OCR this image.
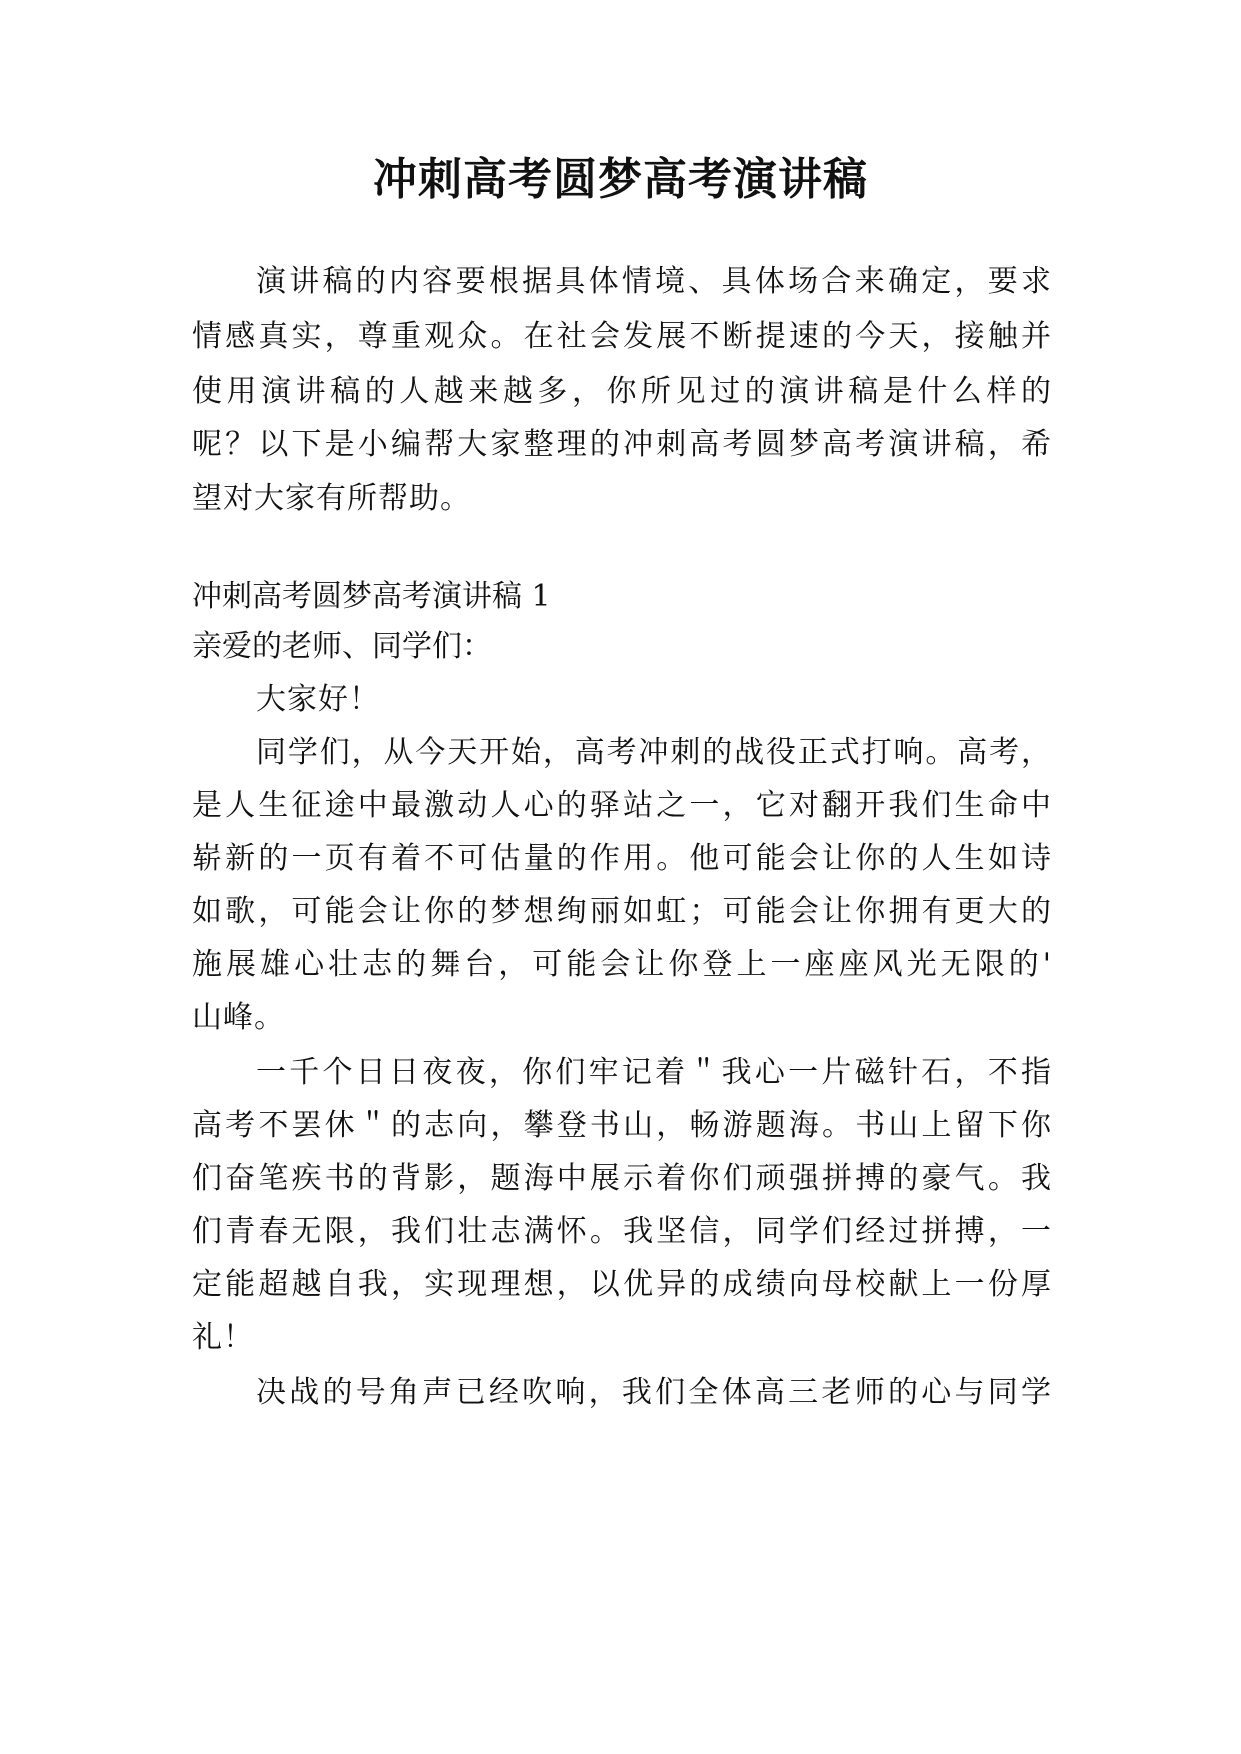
冲刺高考圆梦高考演讲稿
演讲稿的内容要根据具体情境、具体场合来确定，要求
情感真实，尊重观众。在社会发展不断提速的今天，接触并
使用演讲稿的人越来越多，你所见过的演讲稿是什么样的
呢？以下是小编帮大家整理的冲刺高考圆梦高考演讲稿，希
望对大家有所帮助。
冲刺高考圆梦高考演讲稿 1
亲爱的老师、同学们：
大家好！
同学们，从今天开始，高考冲刺的战役正式打响。高考，
是人生征途中最激动人心的驿站之一，它对翻开我们生命中
崭新的一页有着不可估量的作用。他可能会让你的人生如诗
如歌，可能会让你的梦想绚丽如虹；可能会让你拥有更大的
施展雄心壮志的舞台，可能会让你登上一座座风光无限的'
山峰。
一千个日日夜夜，你们牢记着＂我心一片磁针石，不指
高考不罢休＂的志向，攀登书山，畅游题海。书山上留下你
们奋笔疾书的背影，题海中展示着你们顽强拼搏的豪气。我
们青春无限，我们壮志满怀。我坚信，同学们经过拼搏，一
定能超越自我，实现理想，以优异的成绩向母校献上一份厚
礼！
决战的号角声已经吹响，我们全体高三老师的心与同学
